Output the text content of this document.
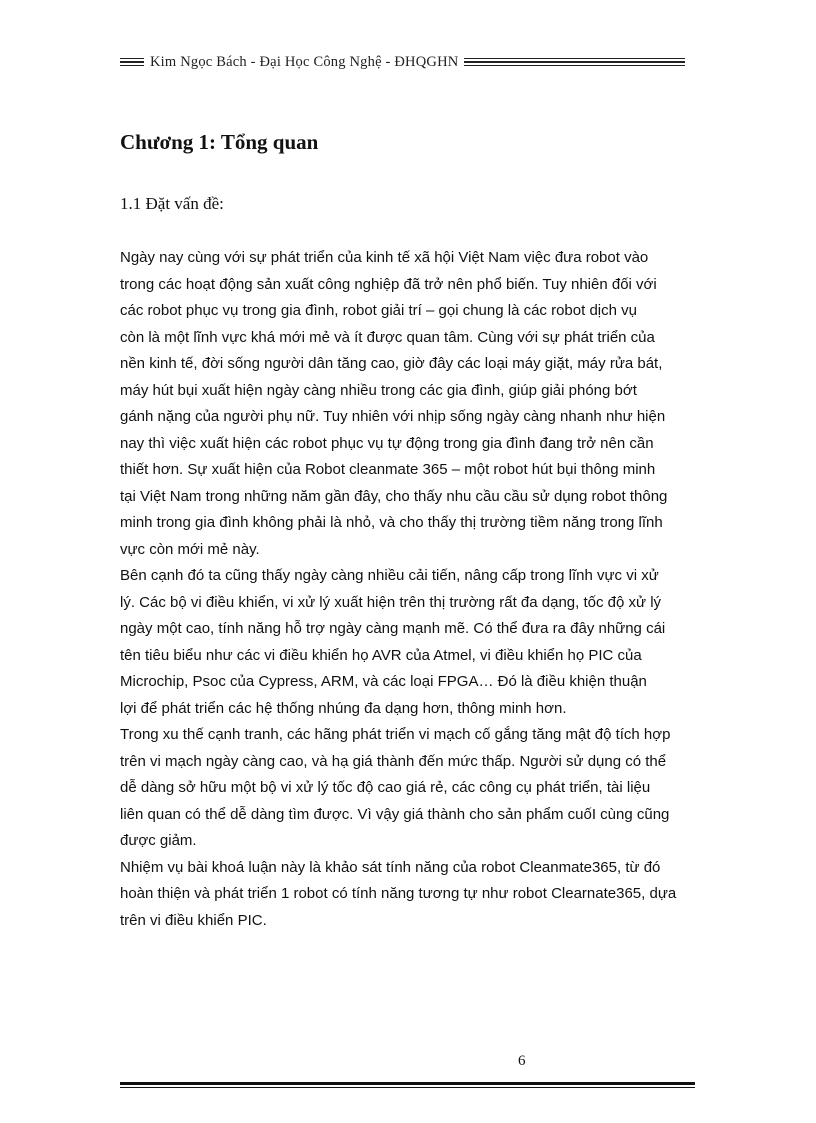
Kim Ngọc Bách - Đại Học Công Nghệ - ĐHQGHN
Chương 1: Tổng quan
1.1 Đặt vấn đề:

Ngày nay cùng với sự phát triển của kinh tế xã hội Việt Nam việc đưa robot vào

trong các hoạt động sản xuất công nghiệp đã trở nên phổ biến. Tuy nhiên đối với

các robot phục vụ trong gia đình, robot giải trí – gọi chung là các robot dịch vụ

còn là một lĩnh vực khá mới mẻ và ít được quan tâm. Cùng với sự phát triển của

nền kinh tế, đời sống người dân tăng cao, giờ đây các loại máy giặt, máy rửa bát,

máy hút bụi xuất hiện ngày càng nhiều trong các gia đình, giúp giải phóng bớt

gánh nặng của người phụ nữ. Tuy nhiên với nhịp sống ngày càng nhanh như hiện

nay thì việc xuất hiện các robot phục vụ tự động trong gia đình đang trở nên cần

thiết hơn. Sự xuất hiện của Robot cleanmate 365 – một robot hút bụi thông minh

tại Việt Nam trong những năm gần đây, cho thấy nhu cầu cầu sử dụng robot thông

minh trong gia đình không phải là nhỏ, và cho thấy thị trường tiềm năng trong lĩnh

vực còn mới mẻ này.

Bên cạnh đó ta cũng thấy ngày càng nhiều cải tiến, nâng cấp trong lĩnh vực vi xử

lý. Các bộ vi điều khiển, vi xử lý xuất hiện trên thị trường rất đa dạng, tốc độ xử lý

ngày một cao, tính năng hỗ trợ ngày càng mạnh mẽ. Có thể đưa ra đây những cái

tên tiêu biểu như các vi điều khiển họ AVR của Atmel, vi điều khiển họ PIC của

Microchip, Psoc của Cypress, ARM, và các loại FPGA… Đó là điều khiện thuận

lợi để phát triển các hệ thống nhúng đa dạng hơn, thông minh hơn.

Trong xu thế cạnh tranh, các hãng phát triển vi mạch cố gắng tăng mật độ tích hợp

trên vi mạch ngày càng cao, và hạ giá thành đến mức thấp. Người sử dụng có thể

dễ dàng sở hữu một bộ vi xử lý tốc độ cao giá rẻ, các công cụ phát triển, tài liệu

liên quan có thể dễ dàng tìm được. Vì vậy giá thành cho sản phẩm cuốI cùng cũng

được giảm.

Nhiệm vụ bài khoá luận này là khảo sát tính năng của robot Cleanmate365, từ đó

hoàn thiện và phát triển 1 robot có tính năng tương tự như robot Clearnate365, dựa

trên vi điều khiển PIC.

6
